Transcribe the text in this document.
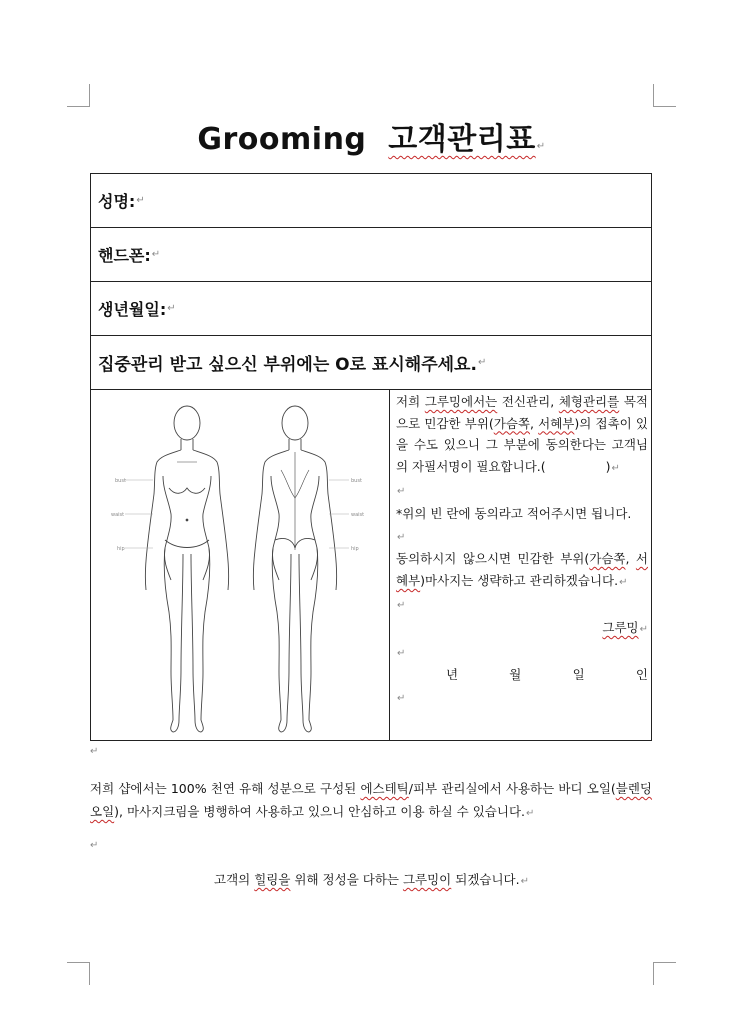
Grooming 고객관리표↵
성명: ↵
핸드폰: ↵
생년월일: ↵
집중관리 받고 싶으신 부위에는 O로 표시해주세요. ↵
bust
waist
hip
bust
waist
hip

저희 그루밍에서는 전신관리, 체형관리를 목적으로 민감한 부위(가슴쪽, 서혜부)의 접촉이 있을 수도 있으니 그 부분에 동의한다는 고객님의 자필서명이 필요합니다.(	)↵

↵

*위의 빈 란에 동의라고 적어주시면 됩니다.

↵

동의하시지 않으시면 민감한 부위(가슴쪽, 서혜부)마사지는 생략하고 관리하겠습니다.↵

↵

그루밍↵

↵

년	월	일	인

↵

↵
저희 샵에서는 100% 천연 유해 성분으로 구성된 에스테틱/피부 관리실에서 사용하는 바디 오일(블렌딩오일), 마사지크림을 병행하여 사용하고 있으니 안심하고 이용 하실 수 있습니다.↵
↵
고객의 힐링을 위해 정성을 다하는 그루밍이 되겠습니다.↵
